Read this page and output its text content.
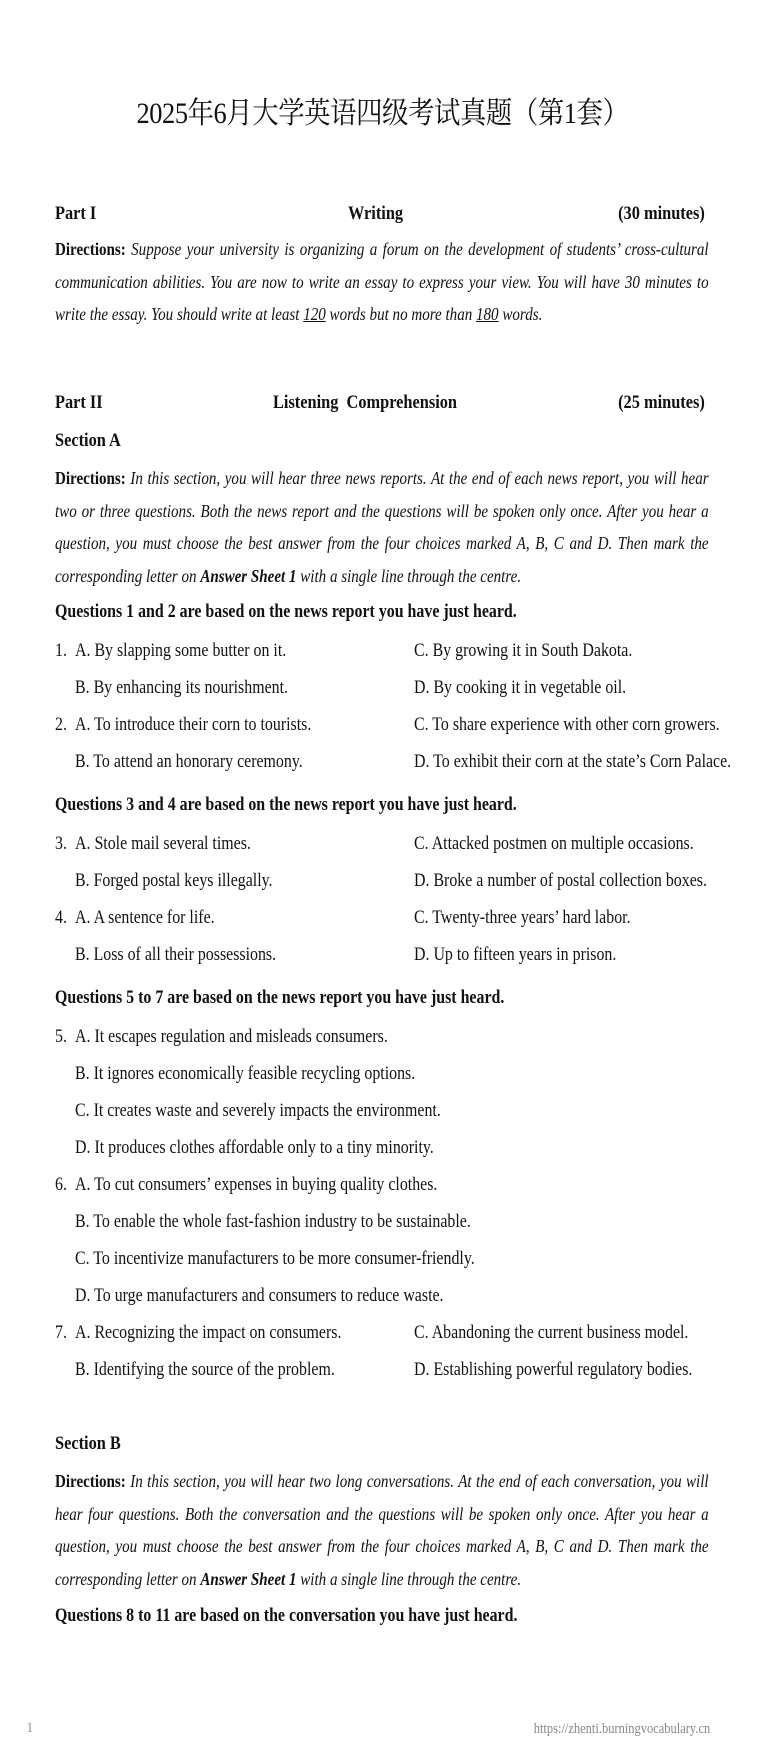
2025年6月大学英语四级考试真题（第1套）
Part I	Writing	(30 minutes)
Directions: Suppose your university is organizing a forum on the development of students’ cross-cultural communication abilities. You are now to write an essay to express your view. You will have 30 minutes to write the essay. You should write at least 120 words but no more than 180 words.
Part II	Listening  Comprehension	(25 minutes)
Section A
Directions: In this section, you will hear three news reports. At the end of each news report, you will hear two or three questions. Both the news report and the questions will be spoken only once. After you hear a question, you must choose the best answer from the four choices marked A, B, C and D. Then mark the corresponding letter on Answer Sheet 1 with a single line through the centre.
Questions 1 and 2 are based on the news report you have just heard.
1. A. By slapping some butter on it.	C. By growing it in South Dakota.
B. By enhancing its nourishment.	D. By cooking it in vegetable oil.
2. A. To introduce their corn to tourists.	C. To share experience with other corn growers.
B. To attend an honorary ceremony.	D. To exhibit their corn at the state’s Corn Palace.
Questions 3 and 4 are based on the news report you have just heard.
3. A. Stole mail several times.	C. Attacked postmen on multiple occasions.
B. Forged postal keys illegally.	D. Broke a number of postal collection boxes.
4. A. A sentence for life.	C. Twenty-three years’ hard labor.
B. Loss of all their possessions.	D. Up to fifteen years in prison.
Questions 5 to 7 are based on the news report you have just heard.
5. A. It escapes regulation and misleads consumers.
B. It ignores economically feasible recycling options.
C. It creates waste and severely impacts the environment.
D. It produces clothes affordable only to a tiny minority.
6. A. To cut consumers’ expenses in buying quality clothes.
B. To enable the whole fast-fashion industry to be sustainable.
C. To incentivize manufacturers to be more consumer-friendly.
D. To urge manufacturers and consumers to reduce waste.
7. A. Recognizing the impact on consumers.	C. Abandoning the current business model.
B. Identifying the source of the problem.	D. Establishing powerful regulatory bodies.
Section B
Directions: In this section, you will hear two long conversations. At the end of each conversation, you will hear four questions. Both the conversation and the questions will be spoken only once. After you hear a question, you must choose the best answer from the four choices marked A, B, C and D. Then mark the corresponding letter on Answer Sheet 1 with a single line through the centre.
Questions 8 to 11 are based on the conversation you have just heard.
1	https://zhenti.burningvocabulary.cn
